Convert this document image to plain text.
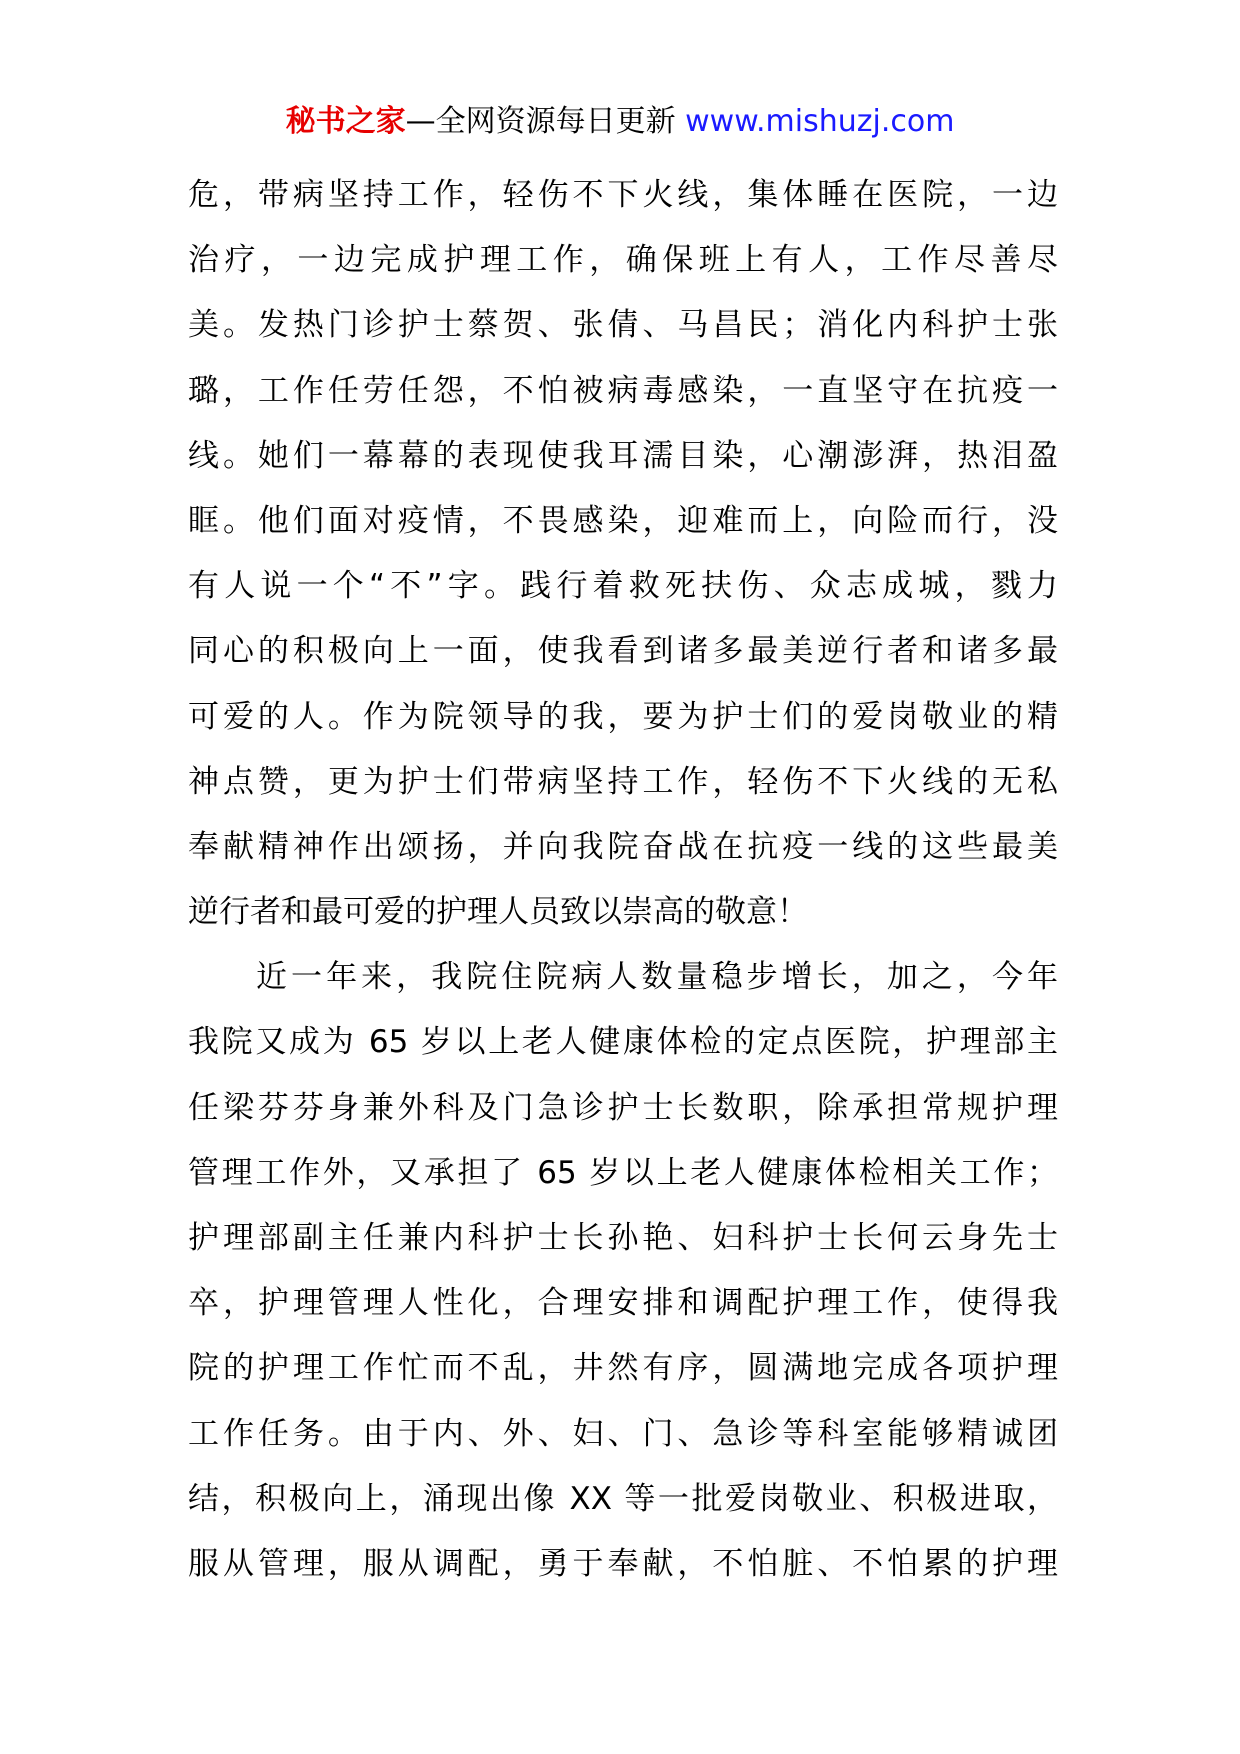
秘书之家—全网资源每日更新 www.mishuzj.com
危，带病坚持工作，轻伤不下火线，集体睡在医院，一边
治疗，一边完成护理工作，确保班上有人，工作尽善尽
美。发热门诊护士蔡贺、张倩、马昌民；消化内科护士张
璐，工作任劳任怨，不怕被病毒感染，一直坚守在抗疫一
线。她们一幕幕的表现使我耳濡目染，心潮澎湃，热泪盈
眶。他们面对疫情，不畏感染，迎难而上，向险而行，没
有人说一个“不”字。践行着救死扶伤、众志成城，戮力
同心的积极向上一面，使我看到诸多最美逆行者和诸多最
可爱的人。作为院领导的我，要为护士们的爱岗敬业的精
神点赞，更为护士们带病坚持工作，轻伤不下火线的无私
奉献精神作出颂扬，并向我院奋战在抗疫一线的这些最美
逆行者和最可爱的护理人员致以崇高的敬意！
近一年来，我院住院病人数量稳步增长，加之，今年
我院又成为 65 岁以上老人健康体检的定点医院，护理部主
任梁芬芬身兼外科及门急诊护士长数职，除承担常规护理
管理工作外，又承担了 65 岁以上老人健康体检相关工作；
护理部副主任兼内科护士长孙艳、妇科护士长何云身先士
卒，护理管理人性化，合理安排和调配护理工作，使得我
院的护理工作忙而不乱，井然有序，圆满地完成各项护理
工作任务。由于内、外、妇、门、急诊等科室能够精诚团
结，积极向上，涌现出像 XX 等一批爱岗敬业、积极进取，
服从管理，服从调配，勇于奉献，不怕脏、不怕累的护理
